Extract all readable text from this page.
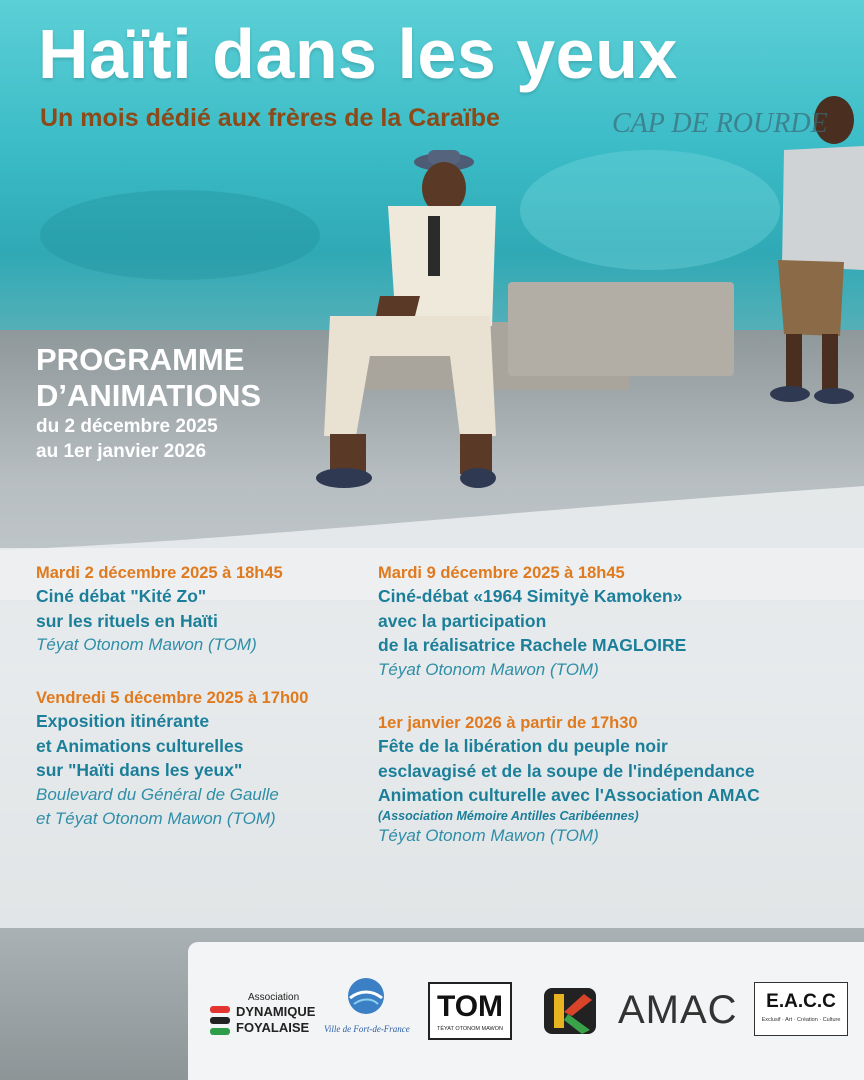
Haïti dans les yeux
Un mois dédié aux frères de la Caraïbe	CAP DE ROURDE
PROGRAMME
D’ANIMATIONS
du 2 décembre 2025
au 1er janvier 2026
Mardi 2 décembre 2025 à 18h45
Ciné débat "Kité Zo"
sur les rituels en Haïti
Téyat Otonom Mawon (TOM)
Vendredi 5 décembre 2025 à 17h00
Exposition itinérante
et Animations culturelles
sur "Haïti dans les yeux"
Boulevard du Général de Gaulle
et Téyat Otonom Mawon (TOM)
Mardi 9 décembre 2025 à 18h45
Ciné-débat «1964 Simityè Kamoken»
avec la participation
de la réalisatrice Rachele MAGLOIRE
Téyat Otonom Mawon (TOM)
1er janvier 2026 à partir de 17h30
Fête de la libération du peuple noir
esclavagisé et de la soupe de l'indépendance
Animation culturelle avec l'Association AMAC
(Association Mémoire Antilles Caribéennes)
Téyat Otonom Mawon (TOM)
Association
DYNAMIQUE
FOYALAISE Ville de Fort-de-France
TOM
TÉYAT OTONOM MAWON	AMAC	E.A.C.C
Exclusif · Art · Création · Culture
